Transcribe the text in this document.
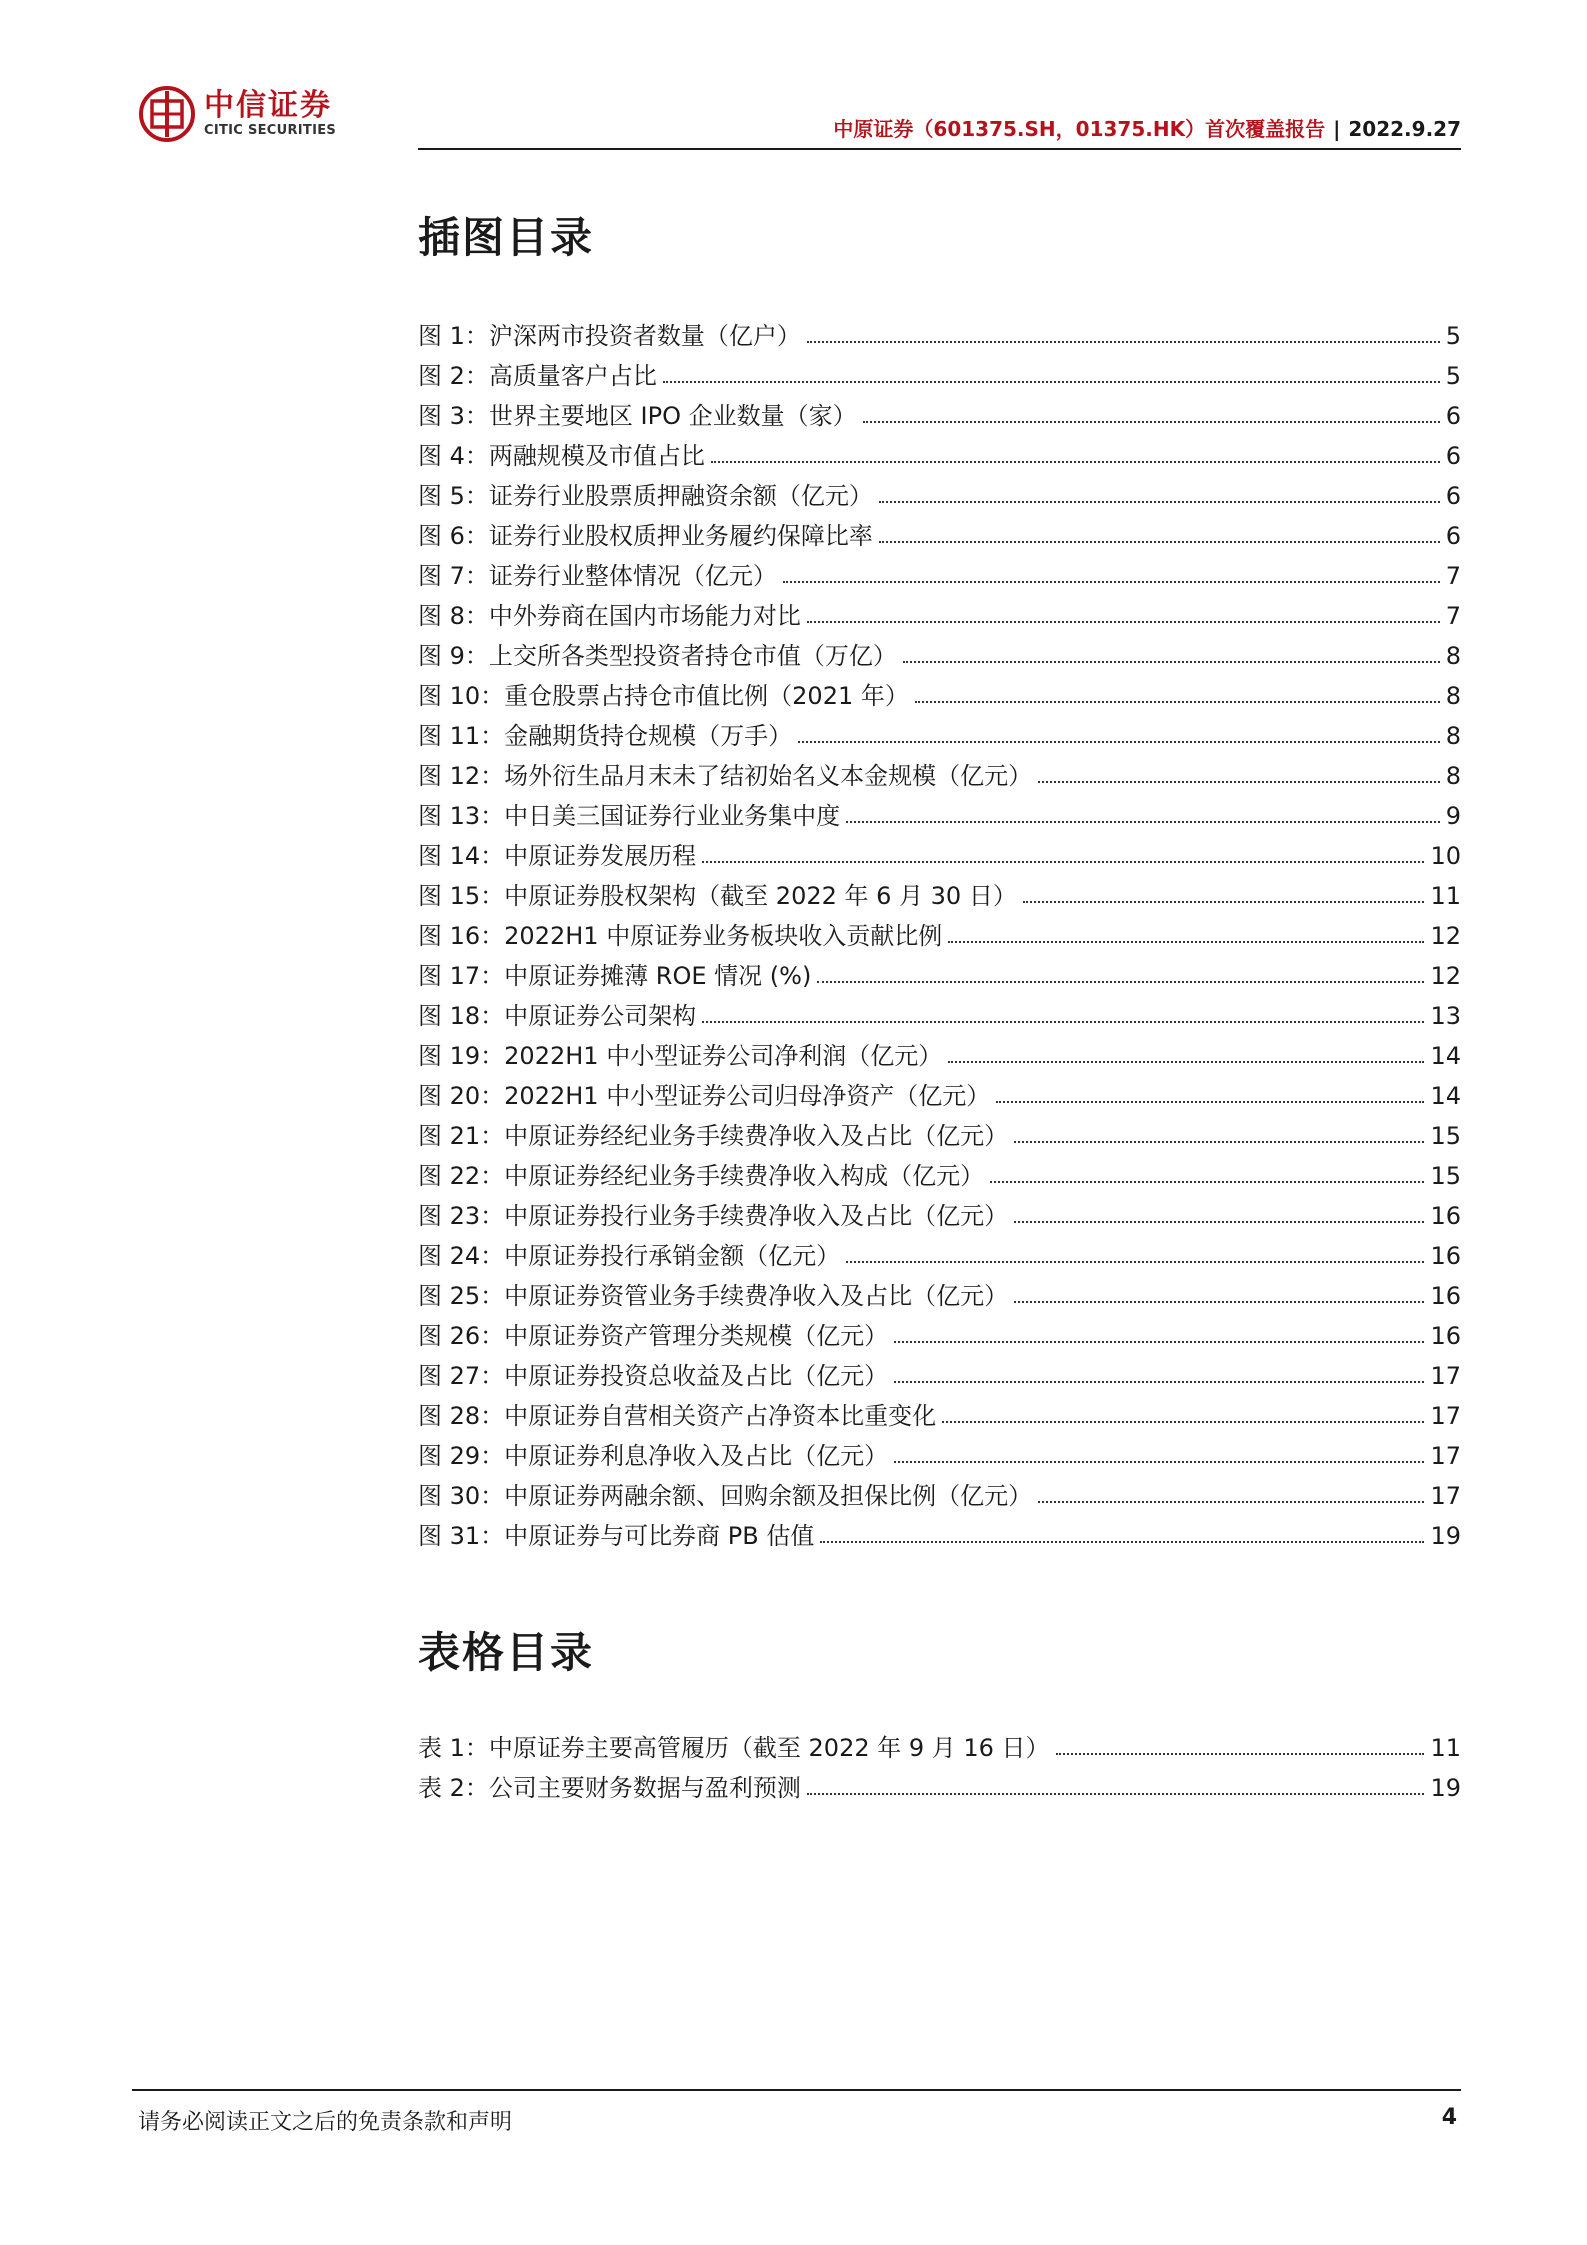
中信证券
CITIC SECURITIES	中原证券（601375.SH，01375.HK）首次覆盖报告 | 2022.9.27
插图目录
图 1：沪深两市投资者数量（亿户）	5
图 2：高质量客户占比	5
图 3：世界主要地区 IPO 企业数量（家）	6
图 4：两融规模及市值占比	6
图 5：证券行业股票质押融资余额（亿元）	6
图 6：证券行业股权质押业务履约保障比率	6
图 7：证券行业整体情况（亿元）	7
图 8：中外券商在国内市场能力对比	7
图 9：上交所各类型投资者持仓市值（万亿）	8
图 10：重仓股票占持仓市值比例（2021 年）	8
图 11：金融期货持仓规模（万手）	8
图 12：场外衍生品月末未了结初始名义本金规模（亿元）	8
图 13：中日美三国证券行业业务集中度	9
图 14：中原证券发展历程	10
图 15：中原证券股权架构（截至 2022 年 6 月 30 日）	11
图 16：2022H1 中原证券业务板块收入贡献比例	12
图 17：中原证券摊薄 ROE 情况 (%)	12
图 18：中原证券公司架构	13
图 19：2022H1 中小型证券公司净利润（亿元）	14
图 20：2022H1 中小型证券公司归母净资产（亿元）	14
图 21：中原证券经纪业务手续费净收入及占比（亿元）	15
图 22：中原证券经纪业务手续费净收入构成（亿元）	15
图 23：中原证券投行业务手续费净收入及占比（亿元）	16
图 24：中原证券投行承销金额（亿元）	16
图 25：中原证券资管业务手续费净收入及占比（亿元）	16
图 26：中原证券资产管理分类规模（亿元）	16
图 27：中原证券投资总收益及占比（亿元）	17
图 28：中原证券自营相关资产占净资本比重变化	17
图 29：中原证券利息净收入及占比（亿元）	17
图 30：中原证券两融余额、回购余额及担保比例（亿元）	17
图 31：中原证券与可比券商 PB 估值	19
表格目录
表 1：中原证券主要高管履历（截至 2022 年 9 月 16 日）	11
表 2：公司主要财务数据与盈利预测	19
请务必阅读正文之后的免责条款和声明	4
